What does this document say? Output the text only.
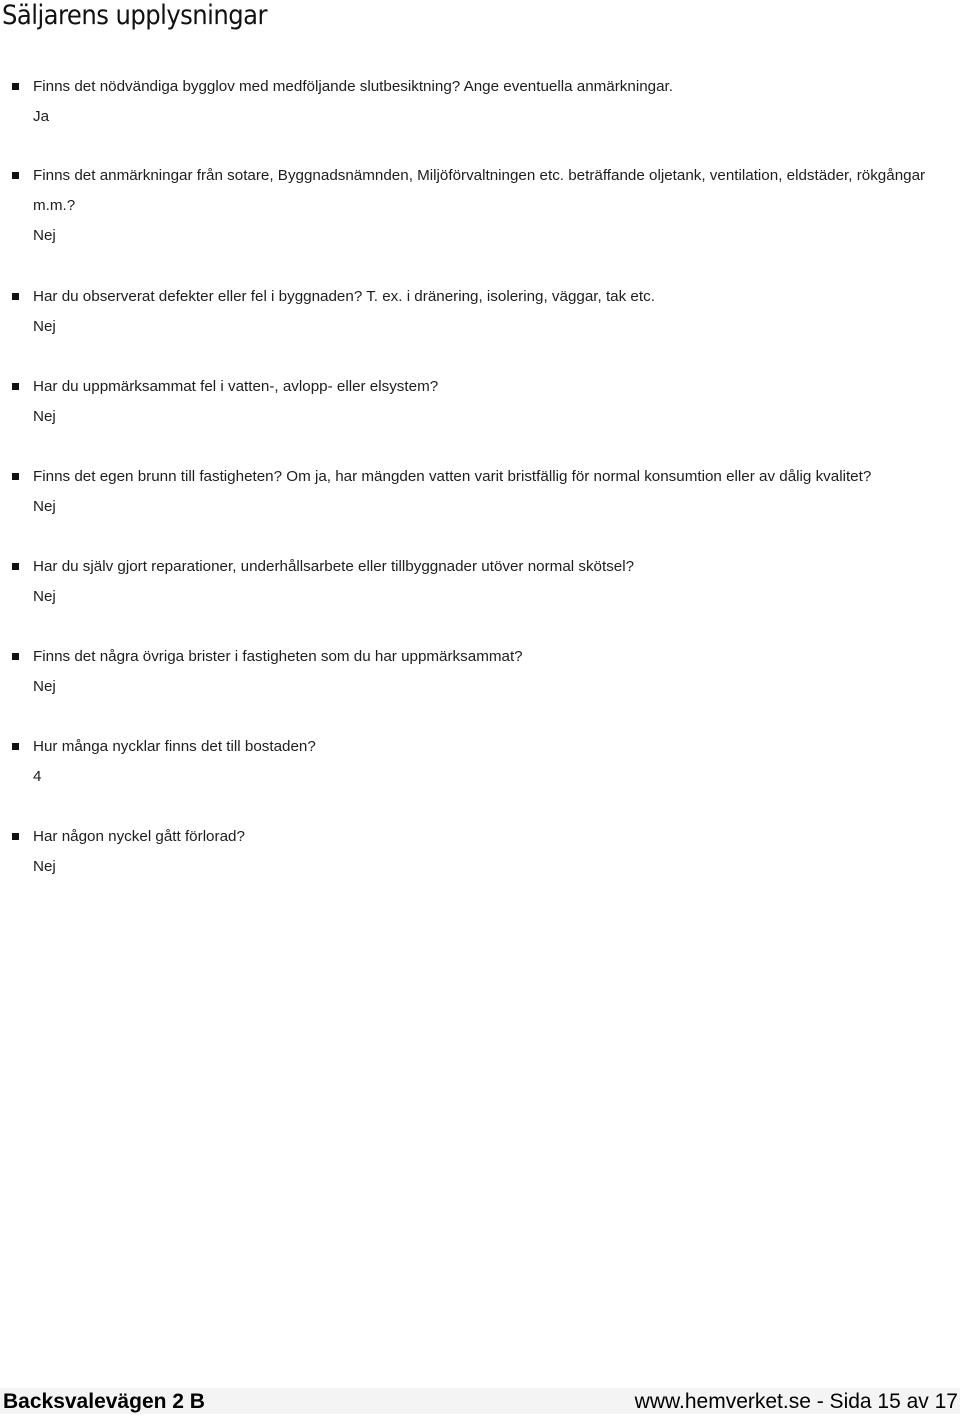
Säljarens upplysningar

Finns det nödvändiga bygglov med medföljande slutbesiktning? Ange eventuella anmärkningar.

Ja

Finns det anmärkningar från sotare, Byggnadsnämnden, Miljöförvaltningen etc. beträffande oljetank, ventilation, eldstäder, rökgångar m.m.?

Nej

Har du observerat defekter eller fel i byggnaden? T. ex. i dränering, isolering, väggar, tak etc.

Nej

Har du uppmärksammat fel i vatten-, avlopp- eller elsystem?

Nej

Finns det egen brunn till fastigheten? Om ja, har mängden vatten varit bristfällig för normal konsumtion eller av dålig kvalitet?

Nej

Har du själv gjort reparationer, underhållsarbete eller tillbyggnader utöver normal skötsel?

Nej

Finns det några övriga brister i fastigheten som du har uppmärksammat?

Nej

Hur många nycklar finns det till bostaden?

4

Har någon nyckel gått förlorad?

Nej

Backsvalevägen 2 B	www.hemverket.se - Sida 15 av 17
